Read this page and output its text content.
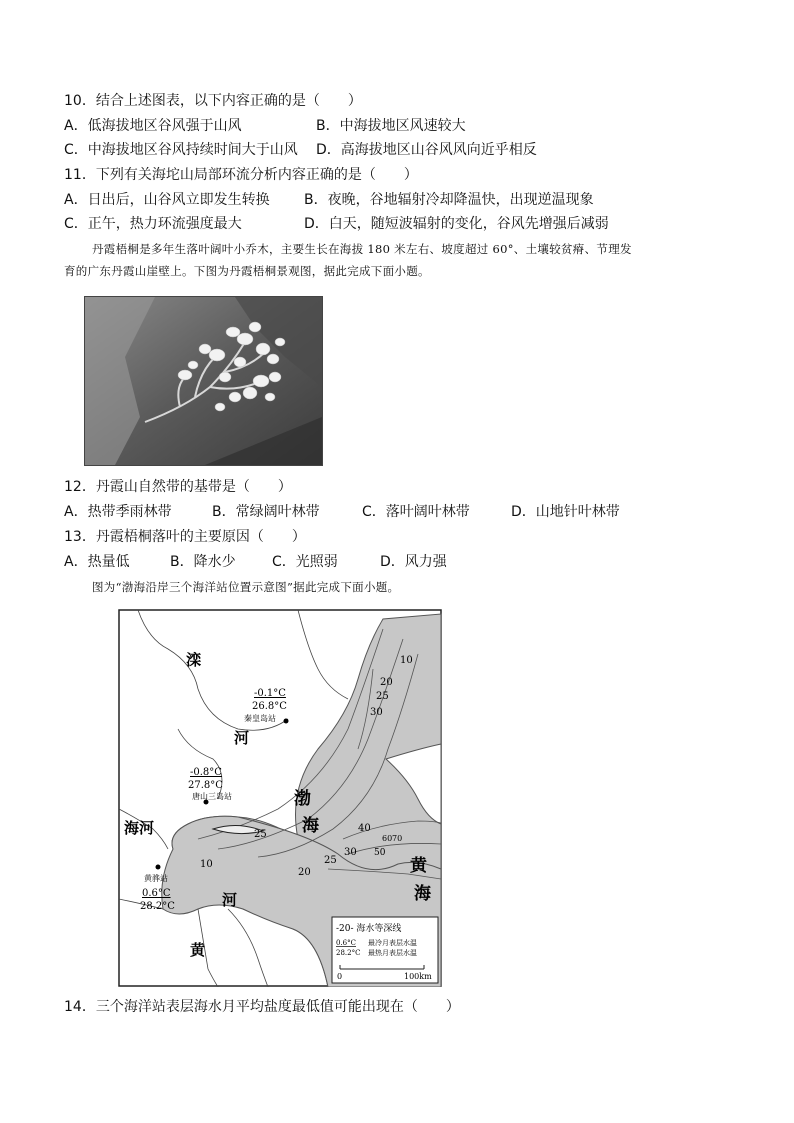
10．结合上述图表，以下内容正确的是（　　）
A．低海拔地区谷风强于山风	B．中海拔地区风速较大
C．中海拔地区谷风持续时间大于山风 D．高海拔地区山谷风风向近乎相反
11．下列有关海坨山局部环流分析内容正确的是（　　）
A．日出后，山谷风立即发生转换 B．夜晚，谷地辐射冷却降温快，出现逆温现象
C．正午，热力环流强度最大	D．白天，随短波辐射的变化，谷风先增强后减弱
丹霞梧桐是多年生落叶阔叶小乔木，主要生长在海拔 180 米左右、坡度超过 60°、土壤较贫瘠、节理发
育的广东丹霞山崖壁上。下图为丹霞梧桐景观图，据此完成下面小题。
12．丹霞山自然带的基带是（　　）
A．热带季雨林带	B．常绿阔叶林带	C．落叶阔叶林带	D．山地针叶林带
13．丹霞梧桐落叶的主要原因（　　）
A．热量低	B．降水少	C．光照弱	D．风力强
图为“渤海沿岸三个海洋站位置示意图”据此完成下面小题。
滦
河
海河
河
黄
渤
海
黄
海
-0.1°C
26.8°C
秦皇岛站
-0.8°C
27.8°C
唐山三岛站
黄骅站
0.6°C
28.2°C
10
20
25
30
25
40
30 50
60 70
10
20
25
-20- 海水等深线
0.6°C 最冷月表层水温
28.2°C 最热月表层水温
0	100km
14．三个海洋站表层海水月平均盐度最低值可能出现在（　　）
